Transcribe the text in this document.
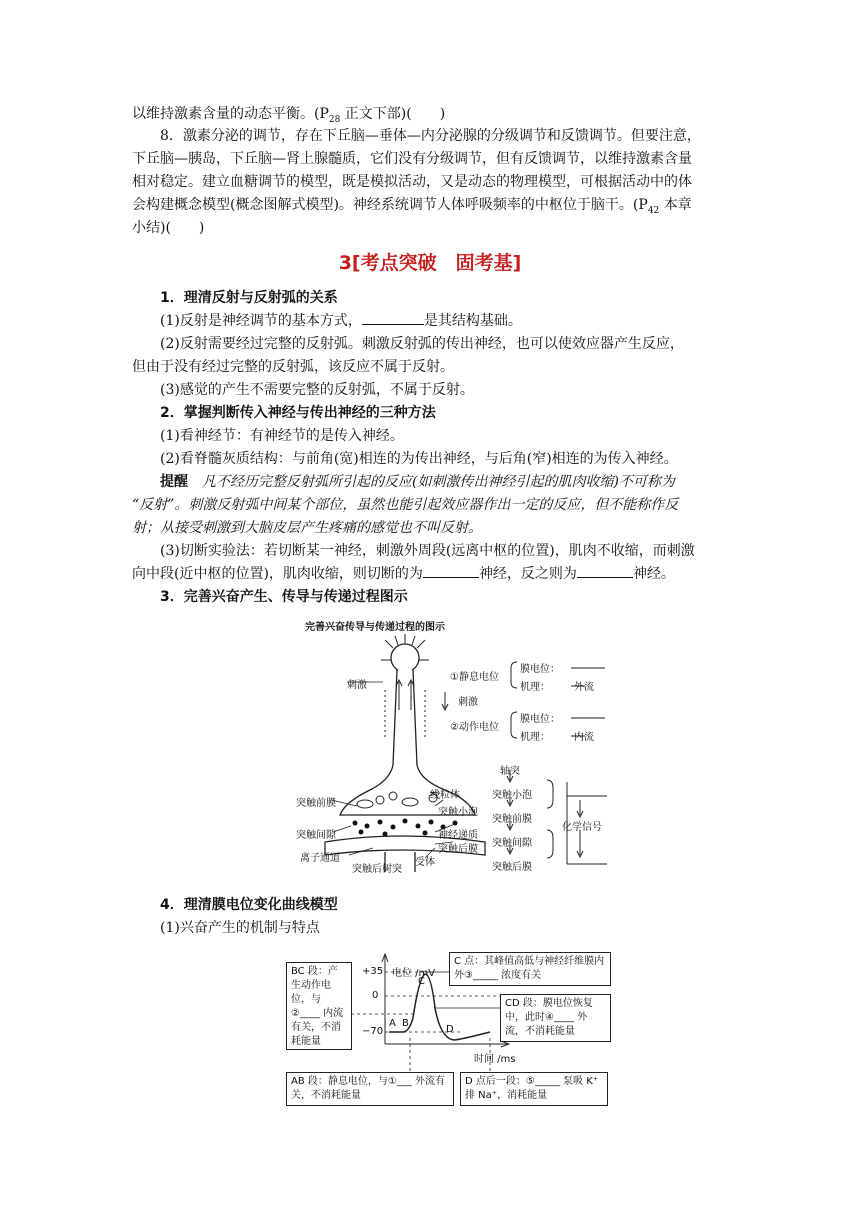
以维持激素含量的动态平衡。($P_{28}$ 正文下部)(　　)
8．激素分泌的调节，存在下丘脑—垂体—内分泌腺的分级调节和反馈调节。但要注意，
下丘脑—胰岛，下丘脑—肾上腺髓质，它们没有分级调节，但有反馈调节，以维持激素含量
相对稳定。建立血糖调节的模型，既是模拟活动，又是动态的物理模型，可根据活动中的体
会构建概念模型(概念图解式模型)。神经系统调节人体呼吸频率的中枢位于脑干。($P_{42}$ 本章
小结)(　　)
3[考点突破　固考基]
1．理清反射与反射弧的关系
(1)反射是神经调节的基本方式，	是其结构基础。
(2)反射需要经过完整的反射弧。刺激反射弧的传出神经，也可以使效应器产生反应，
但由于没有经过完整的反射弧，该反应不属于反射。
(3)感觉的产生不需要完整的反射弧，不属于反射。
2．掌握判断传入神经与传出神经的三种方法
(1)看神经节：有神经节的是传入神经。
(2)看脊髓灰质结构：与前角(宽)相连的为传出神经，与后角(窄)相连的为传入神经。
提醒　凡不经历完整反射弧所引起的反应(如刺激传出神经引起的肌肉收缩)不可称为
“反射”。刺激反射弧中间某个部位，虽然也能引起效应器作出一定的反应，但不能称作反
射；从接受刺激到大脑皮层产生疼痛的感觉也不叫反射。
(3)切断实验法：若切断某一神经，刺激外周段(远离中枢的位置)，肌肉不收缩，而刺激
向中段(近中枢的位置)，肌肉收缩，则切断的为	神经，反之则为	神经。
3．完善兴奋产生、传导与传递过程图示
完善兴奋传导与传递过程的图示
刺激
①静息电位
膜电位：
机理： 外流
刺激
②动作电位
膜电位：
机理： 内流
突触前膜
线粒体
突触小泡
突触间隙	神经递质
突触后膜
离子通道	受体
突触后树突
轴突
突触小泡
突触前膜
突触间隙
突触后膜
化学信号
4．理清膜电位变化曲线模型
(1)兴奋产生的机制与特点
电位 /mV
+35
0
−70
A B
C
D
时间 /ms
BC 段：产生动作电位，与②____ 内流有关，不消耗能量
C 点：其峰值高低与神经纤维膜内外③_____ 浓度有关
CD 段：膜电位恢复中，此时④____ 外流，不消耗能量
AB 段：静息电位，与①___ 外流有关，不消耗能量
D 点后一段：⑤_____ 泵吸 K⁺ 排 Na⁺，消耗能量
